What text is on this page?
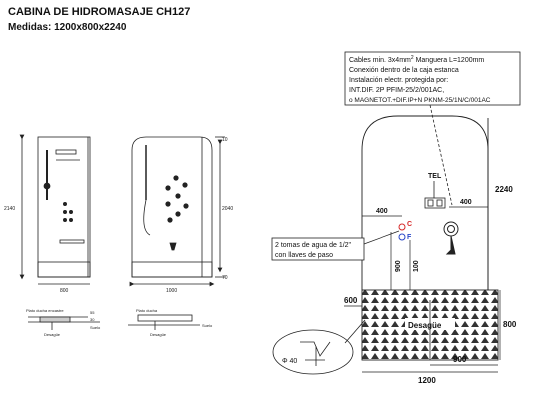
CABINA DE HIDROMASAJE CH127
Medidas: 1200x800x2240
2140
800
10
2040
70
1000
Plato ducha encastre	55
30
Suelo
Desagüe
Plato ducha
Suelo
Desagüe
Cables min. $3x4mm^2$ Manguera L=1200mm
Conexión dentro de la caja estanca
Instalación electr. protegida por:
INT.DIF. 2P PFIM-25/2/001AC,
o MAGNETOT.+DIF.IP+N PKNM-25/1N/C/001AC
2240
TEL
400
400
C
F
2 tomas de agua de 1/2"
con llaves de paso
900 100
Desagüe
600
800
900
1200
Φ 40
